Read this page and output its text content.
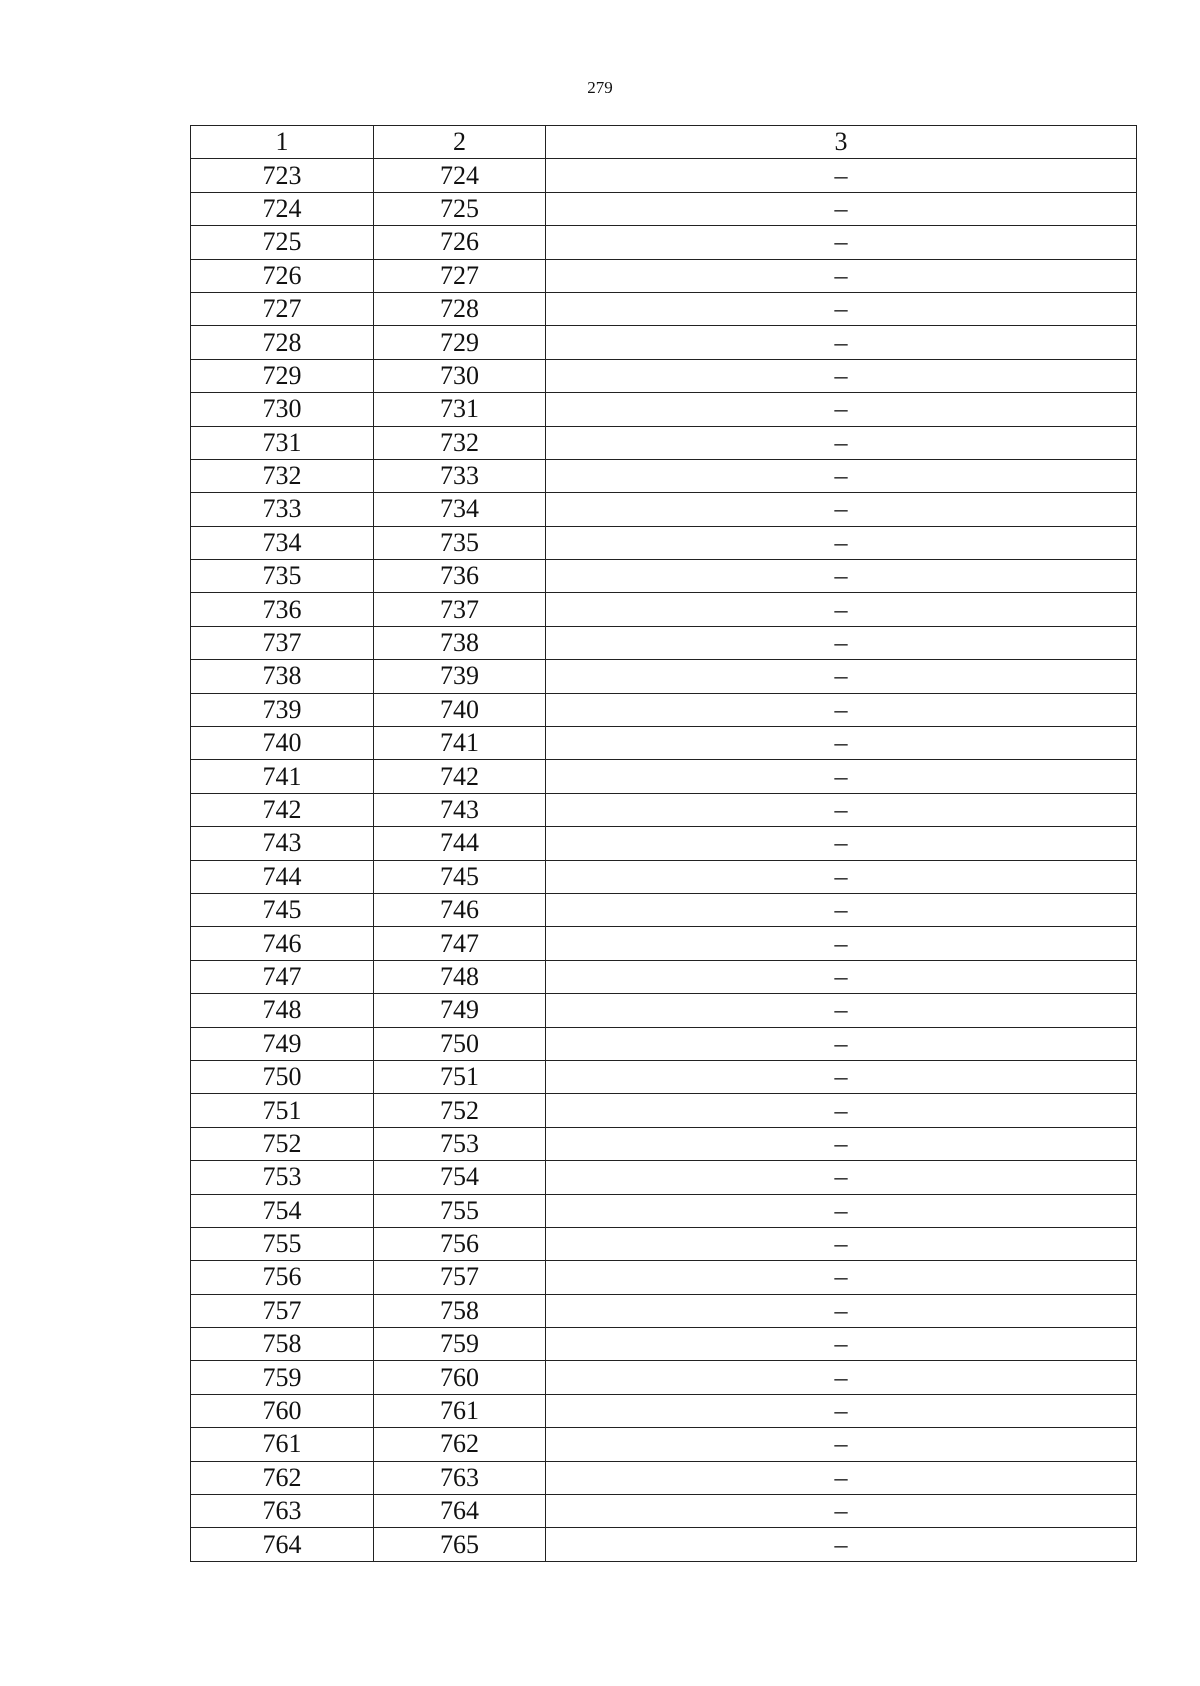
279
1	2	3
723	724	–
724	725	–
725	726	–
726	727	–
727	728	–
728	729	–
729	730	–
730	731	–
731	732	–
732	733	–
733	734	–
734	735	–
735	736	–
736	737	–
737	738	–
738	739	–
739	740	–
740	741	–
741	742	–
742	743	–
743	744	–
744	745	–
745	746	–
746	747	–
747	748	–
748	749	–
749	750	–
750	751	–
751	752	–
752	753	–
753	754	–
754	755	–
755	756	–
756	757	–
757	758	–
758	759	–
759	760	–
760	761	–
761	762	–
762	763	–
763	764	–
764	765	–
